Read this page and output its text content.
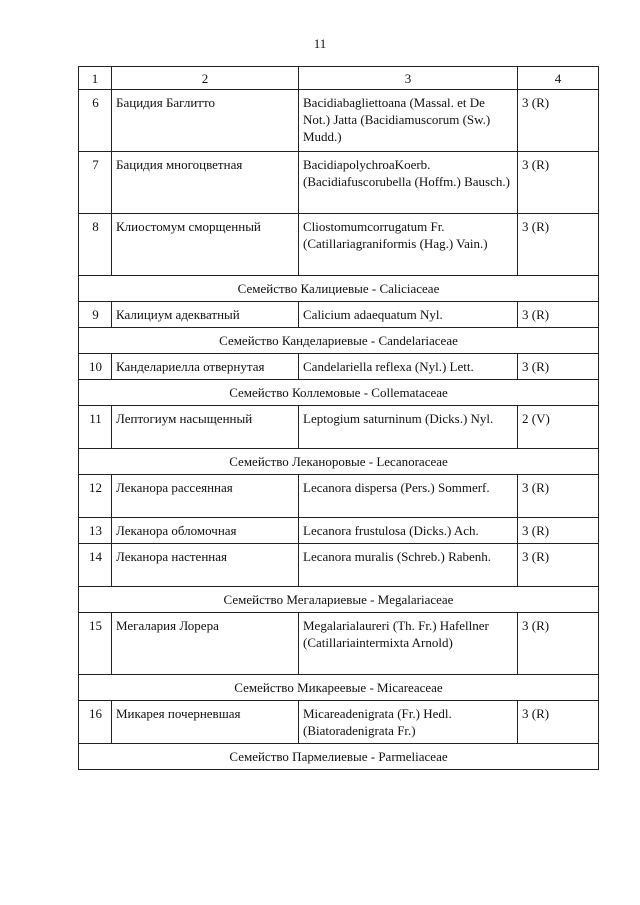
11
1	2	3	4
6	Бацидия Баглитто	Bacidiabagliettoana (Massal. et De Not.) Jatta (Bacidiamuscorum (Sw.) Mudd.)	3 (R)
7	Бацидия многоцветная	BacidiapolychroaKoerb. (Bacidiafuscorubella (Hoffm.) Bausch.)	3 (R)
8	Клиостомум сморщенный	Cliostomumcorrugatum Fr. (Catillariagraniformis (Hag.) Vain.)	3 (R)
Семейство Калициевые - Caliciaceae			
9	Калициум адекватный	Calicium adaequatum Nyl.	3 (R)
Семейство Канделариевые - Candelariaceae			
10	Канделариелла отвернутая	Candelariella reflexa (Nyl.) Lett.	3 (R)
Семейство Коллемовые - Collemataceae			
11	Лептогиум насыщенный	Leptogium saturninum (Dicks.) Nyl.	2 (V)
Семейство Леканоровые - Lecanoraceae			
12	Леканора рассеянная	Lecanora dispersa (Pers.) Sommerf.	3 (R)
13	Леканора обломочная	Lecanora frustulosa (Dicks.) Ach.	3 (R)
14	Леканора настенная	Lecanora muralis (Schreb.) Rabenh.	3 (R)
Семейство Мегалариевые - Megalariaceae			
15	Мегалария Лорера	Megalarialaureri (Th. Fr.) Hafellner (Catillariaintermixta Arnold)	3 (R)
Семейство Микареевые - Micareaceae			
16	Микарея почерневшая	Micareadenigrata (Fr.) Hedl. (Biatoradenigrata Fr.)	3 (R)
Семейство Пармелиевые - Parmeliaceae			
